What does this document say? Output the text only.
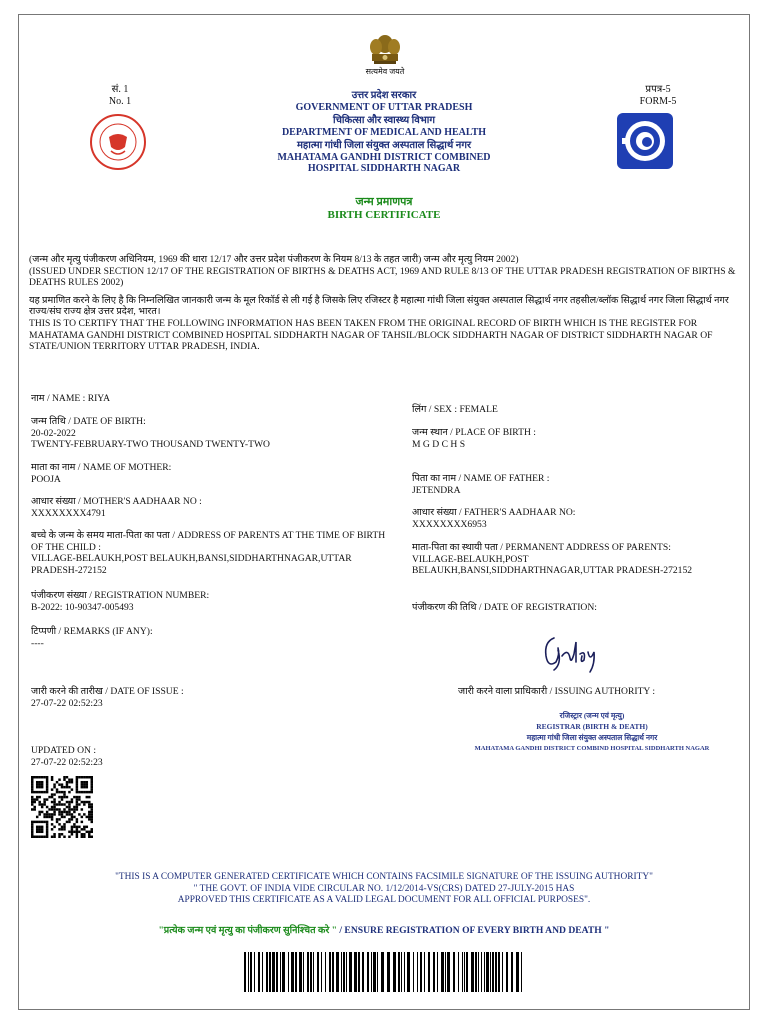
सत्यमेव जयते
सं. 1
No. 1
प्रपत्र-5
FORM-5
उत्तर प्रदेश सरकार
GOVERNMENT OF UTTAR PRADESH
चिकित्सा और स्वास्थ्य विभाग
DEPARTMENT OF MEDICAL AND HEALTH
महात्मा गांधी जिला संयुक्त अस्पताल सिद्धार्थ नगर
MAHATAMA GANDHI DISTRICT COMBINED
HOSPITAL SIDDHARTH NAGAR
जन्म प्रमाणपत्र
BIRTH CERTIFICATE
(जन्म और मृत्यु पंजीकरण अधिनियम, 1969 की धारा 12/17 और उत्तर प्रदेश पंजीकरण के नियम 8/13 के तहत जारी) जन्म और मृत्यु नियम 2002)
(ISSUED UNDER SECTION 12/17 OF THE REGISTRATION OF BIRTHS & DEATHS ACT, 1969 AND RULE 8/13 OF THE UTTAR PRADESH REGISTRATION OF BIRTHS & DEATHS RULES 2002)
यह प्रमाणित करने के लिए है कि निम्नलिखित जानकारी जन्म के मूल रिकॉर्ड से ली गई है जिसके लिए रजिस्टर है महात्मा गांधी जिला संयुक्त अस्पताल सिद्धार्थ नगर तहसील/ब्लॉक सिद्धार्थ नगर जिला सिद्धार्थ नगर राज्य/संघ राज्य क्षेत्र उत्तर प्रदेश, भारत।
THIS IS TO CERTIFY THAT THE FOLLOWING INFORMATION HAS BEEN TAKEN FROM THE ORIGINAL RECORD OF BIRTH WHICH IS THE REGISTER FOR MAHATAMA GANDHI DISTRICT COMBINED HOSPITAL SIDDHARTH NAGAR OF TAHSIL/BLOCK SIDDHARTH NAGAR OF DISTRICT SIDDHARTH NAGAR OF STATE/UNION TERRITORY UTTAR PRADESH, INDIA.
नाम / NAME : RIYA
जन्म तिथि / DATE OF BIRTH:
20-02-2022
TWENTY-FEBRUARY-TWO THOUSAND TWENTY-TWO
माता का नाम / NAME OF MOTHER:
POOJA
आधार संख्या / MOTHER'S AADHAAR NO :
XXXXXXXX4791
बच्चे के जन्म के समय माता-पिता का पता / ADDRESS OF PARENTS AT THE TIME OF BIRTH OF THE CHILD :
VILLAGE-BELAUKH,POST BELAUKH,BANSI,SIDDHARTHNAGAR,UTTAR PRADESH-272152
पंजीकरण संख्या / REGISTRATION NUMBER:
B-2022: 10-90347-005493
टिप्पणी / REMARKS (IF ANY):
----
जारी करने की तारीख / DATE OF ISSUE :
27-07-22 02:52:23
UPDATED ON :
27-07-22 02:52:23
लिंग / SEX : FEMALE
जन्म स्थान / PLACE OF BIRTH :
M G D C H S
पिता का नाम / NAME OF FATHER :
JETENDRA
आधार संख्या / FATHER'S AADHAAR NO:
XXXXXXXX6953
माता-पिता का स्थायी पता / PERMANENT ADDRESS OF PARENTS:
VILLAGE-BELAUKH,POST BELAUKH,BANSI,SIDDHARTHNAGAR,UTTAR PRADESH-272152
पंजीकरण की तिथि / DATE OF REGISTRATION:
जारी करने वाला प्राधिकारी / ISSUING AUTHORITY :
रजिस्ट्रार (जन्म एवं मृत्यु)
REGISTRAR (BIRTH & DEATH)
महात्मा गांधी जिला संयुक्त अस्पताल सिद्धार्थ नगर
MAHATAMA GANDHI DISTRICT COMBIND HOSPITAL SIDDHARTH NAGAR
"THIS IS A COMPUTER GENERATED CERTIFICATE WHICH CONTAINS FACSIMILE SIGNATURE OF THE ISSUING AUTHORITY"
" THE GOVT. OF INDIA VIDE CIRCULAR NO. 1/12/2014-VS(CRS) DATED 27-JULY-2015 HAS
APPROVED THIS CERTIFICATE AS A VALID LEGAL DOCUMENT FOR ALL OFFICIAL PURPOSES".
"प्रत्येक जन्म एवं मृत्यु का पंजीकरण सुनिश्चित करे " / ENSURE REGISTRATION OF EVERY BIRTH AND DEATH "
